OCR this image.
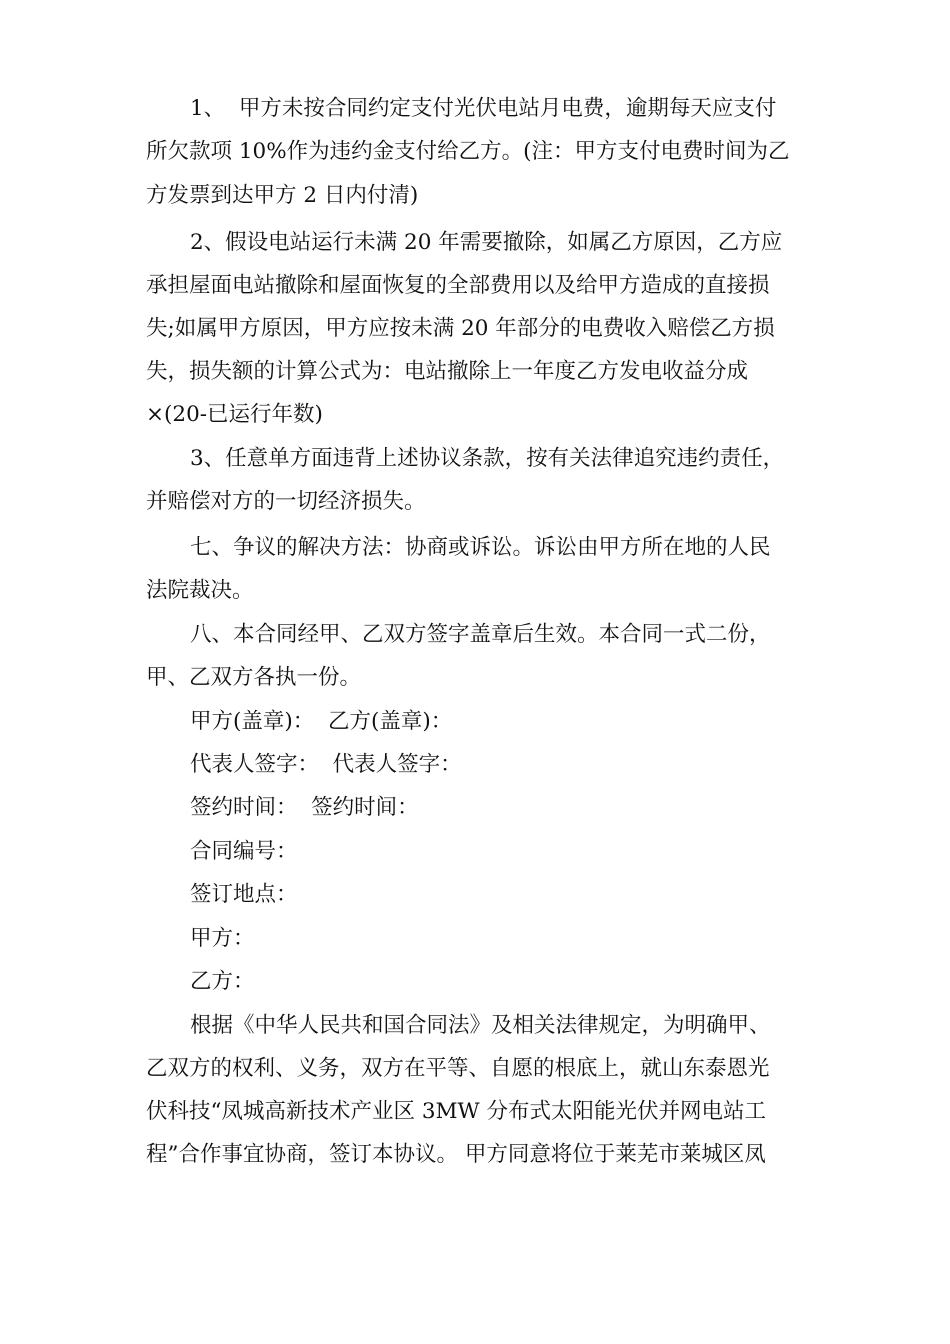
1、  甲方未按合同约定支付光伏电站月电费，逾期每天应支付
所欠款项 10%作为违约金支付给乙方。(注：甲方支付电费时间为乙
方发票到达甲方 2 日内付清)
2、假设电站运行未满 20 年需要撤除，如属乙方原因，乙方应
承担屋面电站撤除和屋面恢复的全部费用以及给甲方造成的直接损
失;如属甲方原因，甲方应按未满 20 年部分的电费收入赔偿乙方损
失，损失额的计算公式为：电站撤除上一年度乙方发电收益分成
×(20-已运行年数)
3、任意单方面违背上述协议条款，按有关法律追究违约责任，
并赔偿对方的一切经济损失。
七、争议的解决方法：协商或诉讼。诉讼由甲方所在地的人民
法院裁决。
八、本合同经甲、乙双方签字盖章后生效。本合同一式二份，
甲、乙双方各执一份。
甲方(盖章)：  乙方(盖章)：
代表人签字：  代表人签字：
签约时间：  签约时间：
合同编号：
签订地点：
甲方：
乙方：
根据《中华人民共和国合同法》及相关法律规定，为明确甲、
乙双方的权利、义务，双方在平等、自愿的根底上，就山东泰恩光
伏科技“凤城高新技术产业区 3MW 分布式太阳能光伏并网电站工
程”合作事宜协商，签订本协议。 甲方同意将位于莱芜市莱城区凤
